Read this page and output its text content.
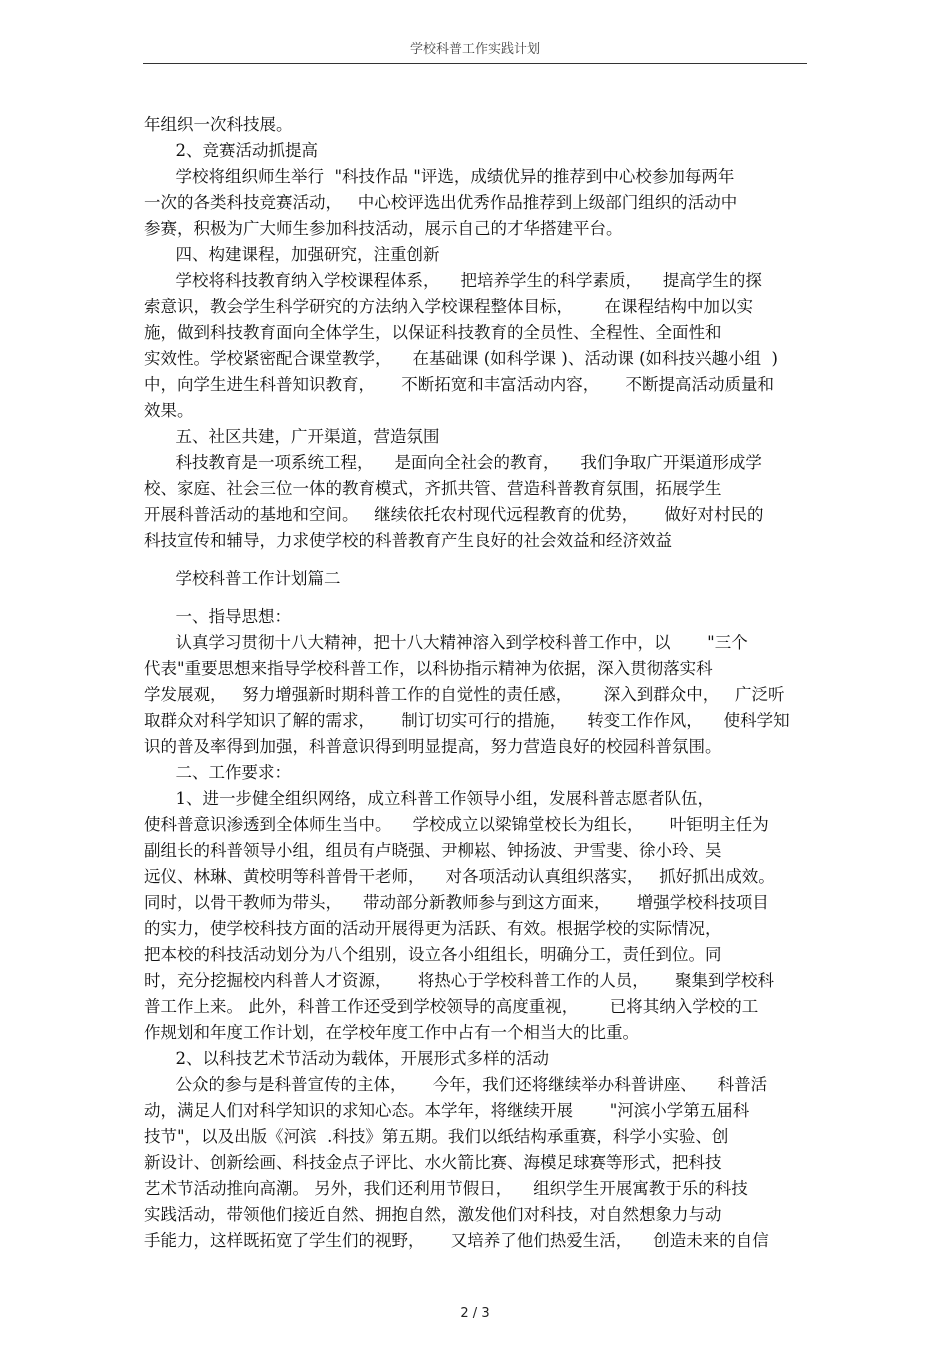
学校科普工作实践计划
年组织一次科技展。
2、竞赛活动抓提高
学校将组织师生举行  "科技作品 "评选，成绩优异的推荐到中心校参加每两年
一次的各类科技竞赛活动，   中心校评选出优秀作品推荐到上级部门组织的活动中
参赛，积极为广大师生参加科技活动，展示自己的才华搭建平台。
四、构建课程，加强研究，注重创新
学校将科技教育纳入学校课程体系，    把培养学生的科学素质，    提高学生的探
索意识，教会学生科学研究的方法纳入学校课程整体目标，      在课程结构中加以实
施，做到科技教育面向全体学生，以保证科技教育的全员性、全程性、全面性和
实效性。学校紧密配合课堂教学，    在基础课 (如科学课 )、活动课 (如科技兴趣小组  )
中，向学生进生科普知识教育，     不断拓宽和丰富活动内容，     不断提高活动质量和
效果。
五、社区共建，广开渠道，营造氛围
科技教育是一项系统工程，    是面向全社会的教育，    我们争取广开渠道形成学
校、家庭、社会三位一体的教育模式，齐抓共管、营造科普教育氛围，拓展学生
开展科普活动的基地和空间。   继续依托农村现代远程教育的优势，     做好对村民的
科技宣传和辅导，力求使学校的科普教育产生良好的社会效益和经济效益
学校科普工作计划篇二
一、指导思想：
认真学习贯彻十八大精神，把十八大精神溶入到学校科普工作中，以       "三个
代表"重要思想来指导学校科普工作，以科协指示精神为依据，深入贯彻落实科
学发展观，   努力增强新时期科普工作的自觉性的责任感，      深入到群众中，   广泛听
取群众对科学知识了解的需求，     制订切实可行的措施，    转变工作作风，    使科学知
识的普及率得到加强，科普意识得到明显提高，努力营造良好的校园科普氛围。
二、工作要求：
1、进一步健全组织网络，成立科普工作领导小组，发展科普志愿者队伍，
使科普意识渗透到全体师生当中。    学校成立以梁锦堂校长为组长，     叶钜明主任为
副组长的科普领导小组，组员有卢晓强、尹柳崧、钟扬波、尹雪斐、徐小玲、吴
远仪、林琳、黄校明等科普骨干老师，    对各项活动认真组织落实，   抓好抓出成效。
同时，以骨干教师为带头，    带动部分新教师参与到这方面来，     增强学校科技项目
的实力，使学校科技方面的活动开展得更为活跃、有效。根据学校的实际情况，
把本校的科技活动划分为八个组别，设立各小组组长，明确分工，责任到位。同
时，充分挖掘校内科普人才资源，     将热心于学校科普工作的人员，     聚集到学校科
普工作上来。 此外，科普工作还受到学校领导的高度重视，      已将其纳入学校的工
作规划和年度工作计划，在学校年度工作中占有一个相当大的比重。
2、以科技艺术节活动为载体，开展形式多样的活动
公众的参与是科普宣传的主体，     今年，我们还将继续举办科普讲座、    科普活
动，满足人们对科学知识的求知心态。本学年，将继续开展       "河滨小学第五届科
技节"，以及出版《河滨  .科技》第五期。我们以纸结构承重赛，科学小实验、创
新设计、创新绘画、科技金点子评比、水火箭比赛、海模足球赛等形式，把科技
艺术节活动推向高潮。 另外，我们还利用节假日，    组织学生开展寓教于乐的科技
实践活动，带领他们接近自然、拥抱自然，激发他们对科技，对自然想象力与动
手能力，这样既拓宽了学生们的视野，     又培养了他们热爱生活，    创造未来的自信
2 / 3
